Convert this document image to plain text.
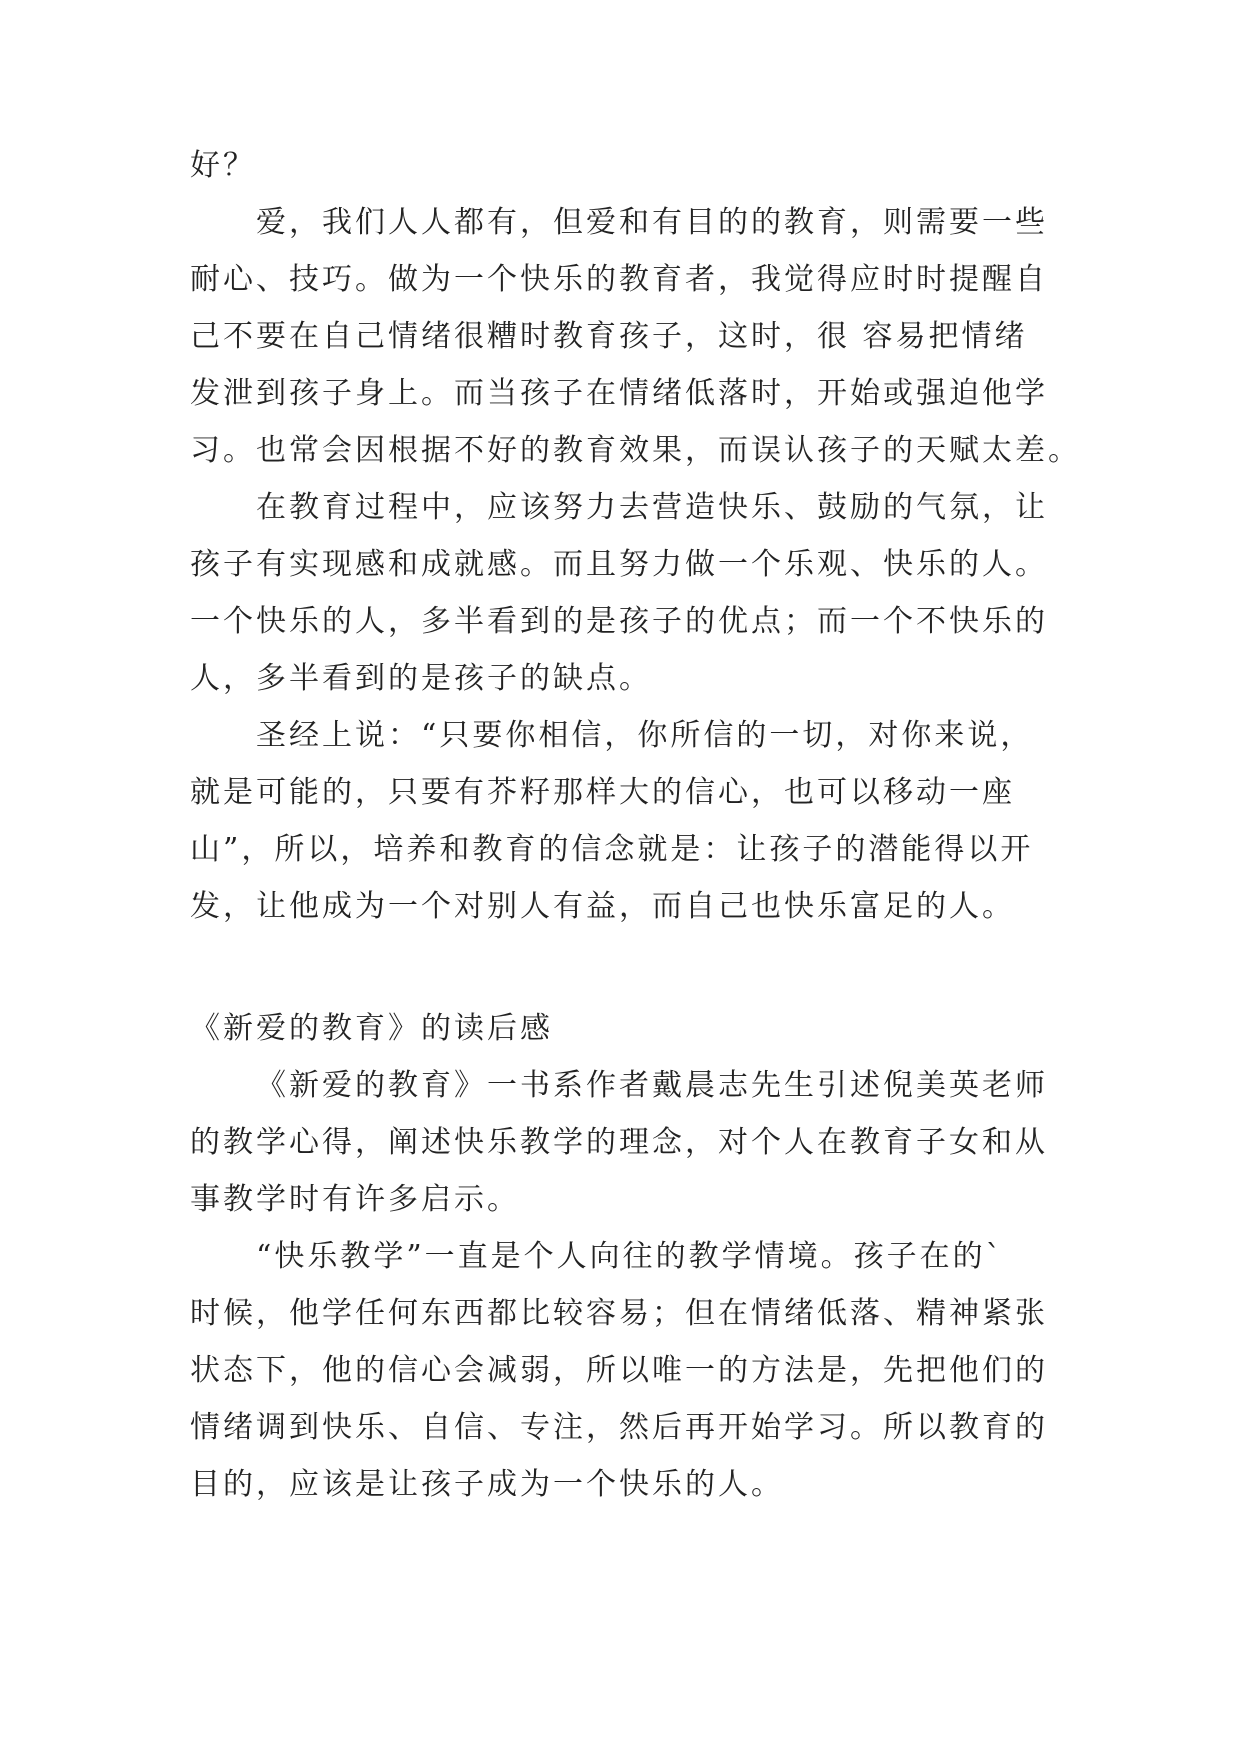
好？
爱，我们人人都有，但爱和有目的的教育，则需要一些
耐心、技巧。做为一个快乐的教育者，我觉得应时时提醒自
己不要在自己情绪很糟时教育孩子，这时，很 容易把情绪
发泄到孩子身上。而当孩子在情绪低落时，开始或强迫他学
习。也常会因根据不好的教育效果，而误认孩子的天赋太差。
在教育过程中，应该努力去营造快乐、鼓励的气氛，让
孩子有实现感和成就感。而且努力做一个乐观、快乐的人。
一个快乐的人，多半看到的是孩子的优点；而一个不快乐的
人，多半看到的是孩子的缺点。
圣经上说：“只要你相信，你所信的一切，对你来说，
就是可能的，只要有芥籽那样大的信心，也可以移动一座
山”，所以，培养和教育的信念就是：让孩子的潜能得以开
发，让他成为一个对别人有益，而自己也快乐富足的人。
《新爱的教育》的读后感
《新爱的教育》一书系作者戴晨志先生引述倪美英老师
的教学心得，阐述快乐教学的理念，对个人在教育子女和从
事教学时有许多启示。
“快乐教学”一直是个人向往的教学情境。孩子在的`
时候，他学任何东西都比较容易；但在情绪低落、精神紧张
状态下，他的信心会减弱，所以唯一的方法是，先把他们的
情绪调到快乐、自信、专注，然后再开始学习。所以教育的
目的，应该是让孩子成为一个快乐的人。
